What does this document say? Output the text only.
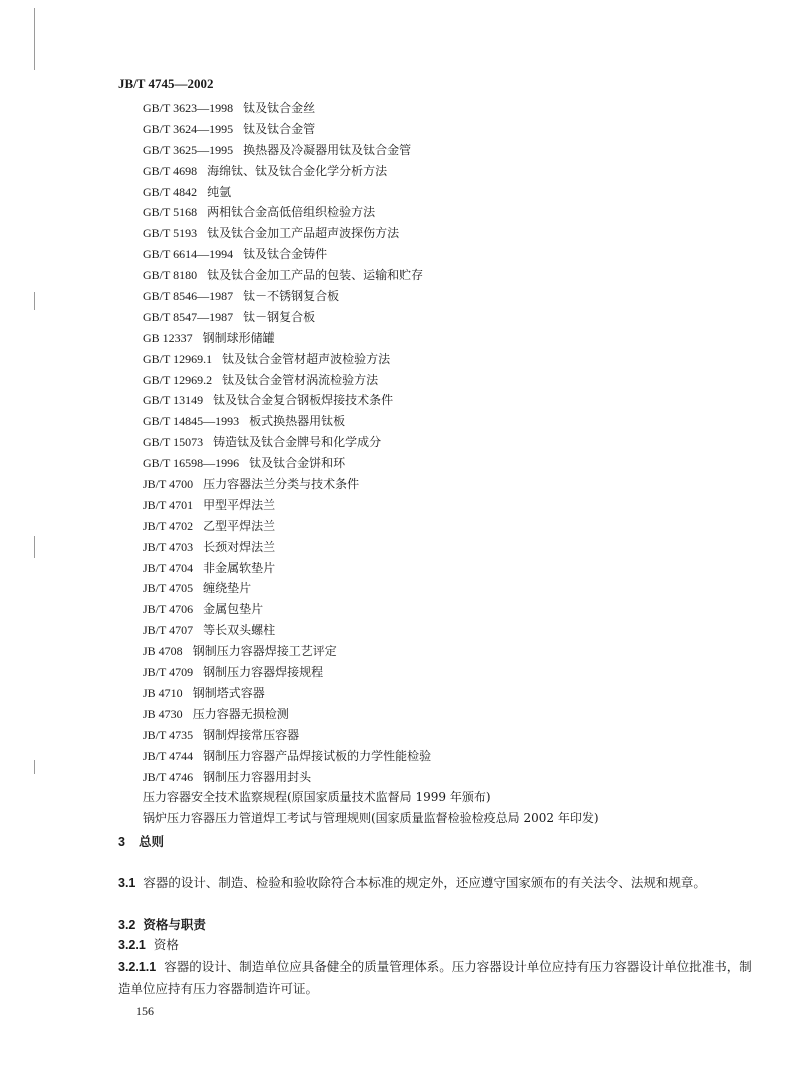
JB/T 4745—2002
GB/T 3623—1998 钛及钛合金丝
GB/T 3624—1995 钛及钛合金管
GB/T 3625—1995 换热器及冷凝器用钛及钛合金管
GB/T 4698 海绵钛、钛及钛合金化学分析方法
GB/T 4842 纯氩
GB/T 5168 两相钛合金高低倍组织检验方法
GB/T 5193 钛及钛合金加工产品超声波探伤方法
GB/T 6614—1994 钛及钛合金铸件
GB/T 8180 钛及钛合金加工产品的包装、运输和贮存
GB/T 8546—1987 钛－不锈钢复合板
GB/T 8547—1987 钛－钢复合板
GB 12337 钢制球形储罐
GB/T 12969.1 钛及钛合金管材超声波检验方法
GB/T 12969.2 钛及钛合金管材涡流检验方法
GB/T 13149 钛及钛合金复合钢板焊接技术条件
GB/T 14845—1993 板式换热器用钛板
GB/T 15073 铸造钛及钛合金牌号和化学成分
GB/T 16598—1996 钛及钛合金饼和环
JB/T 4700 压力容器法兰分类与技术条件
JB/T 4701 甲型平焊法兰
JB/T 4702 乙型平焊法兰
JB/T 4703 长颈对焊法兰
JB/T 4704 非金属软垫片
JB/T 4705 缠绕垫片
JB/T 4706 金属包垫片
JB/T 4707 等长双头螺柱
JB 4708 钢制压力容器焊接工艺评定
JB/T 4709 钢制压力容器焊接规程
JB 4710 钢制塔式容器
JB 4730 压力容器无损检测
JB/T 4735 钢制焊接常压容器
JB/T 4744 钢制压力容器产品焊接试板的力学性能检验
JB/T 4746 钢制压力容器用封头
压力容器安全技术监察规程(原国家质量技术监督局 1999 年颁布)
锅炉压力容器压力管道焊工考试与管理规则(国家质量监督检验检疫总局 2002 年印发)
3 总则

3.1 容器的设计、制造、检验和验收除符合本标准的规定外，还应遵守国家颁布的有关法令、法规和规章。

3.2 资格与职责
3.2.1 资格

3.2.1.1 容器的设计、制造单位应具备健全的质量管理体系。压力容器设计单位应持有压力容器设计单位批准书，制造单位应持有压力容器制造许可证。

156
